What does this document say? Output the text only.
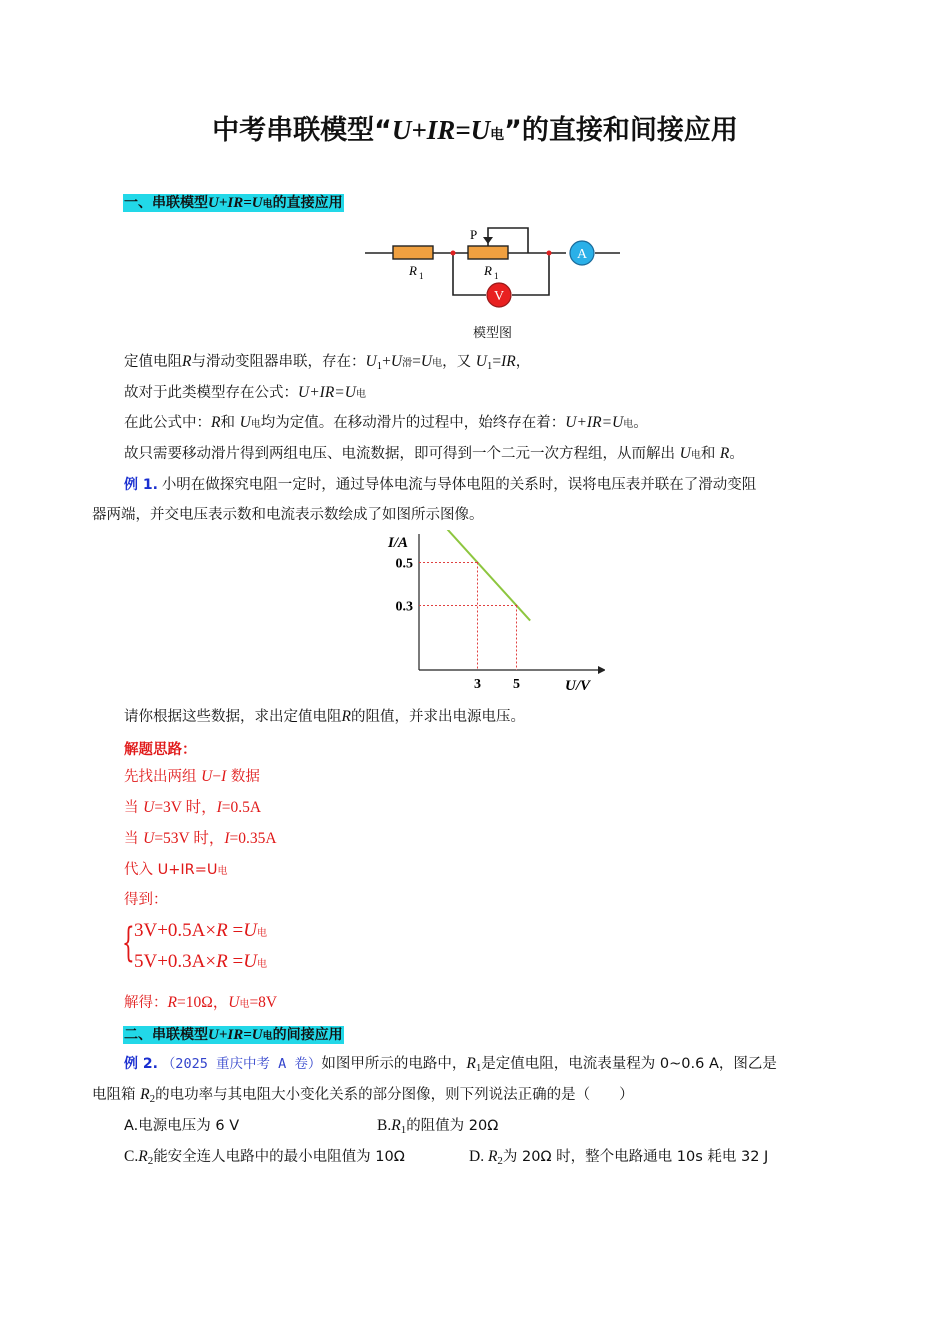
中考串联模型“U+IR=U电”的直接和间接应用
一、串联模型U+IR=U电的直接应用
A
V
P
R 1	R 1
模型图
定值电阻R与滑动变阻器串联，存在：U1+U滑=U电，又 U1=IR，
故对于此类模型存在公式：U+IR=U电
在此公式中：R和 U电均为定值。在移动滑片的过程中，始终存在着：U+IR=U电。
故只需要移动滑片得到两组电压、电流数据，即可得到一个二元一次方程组，从而解出 U电和 R。
例 1. 小明在做探究电阻一定时，通过导体电流与导体电阻的关系时，误将电压表并联在了滑动变阻
器两端，并交电压表示数和电流表示数绘成了如图所示图像。
I/A
U/V
3 5
0.5
0.3
请你根据这些数据，求出定值电阻R的阻值，并求出电源电压。
解题思路：
先找出两组 U−I 数据
当 U=3V 时，I=0.5A
当 U=53V 时，I=0.35A
代入 U+IR=U电
得到：
{ 3V+0.5A×R =U电
5V+0.3A×R =U电
解得：R=10Ω，U电=8V
二、串联模型U+IR=U电的间接应用
例 2. （2025 重庆中考 A 卷）如图甲所示的电路中，R1是定值电阻，电流表量程为 0~0.6 A，图乙是
电阻箱 R2的电功率与其电阻大小变化关系的部分图像，则下列说法正确的是（　　）
A.电源电压为 6 V	B.R1的阻值为 20Ω
C.R2能安全连人电路中的最小电阻值为 10Ω	D. R2为 20Ω 时，整个电路通电 10s 耗电 32 J
